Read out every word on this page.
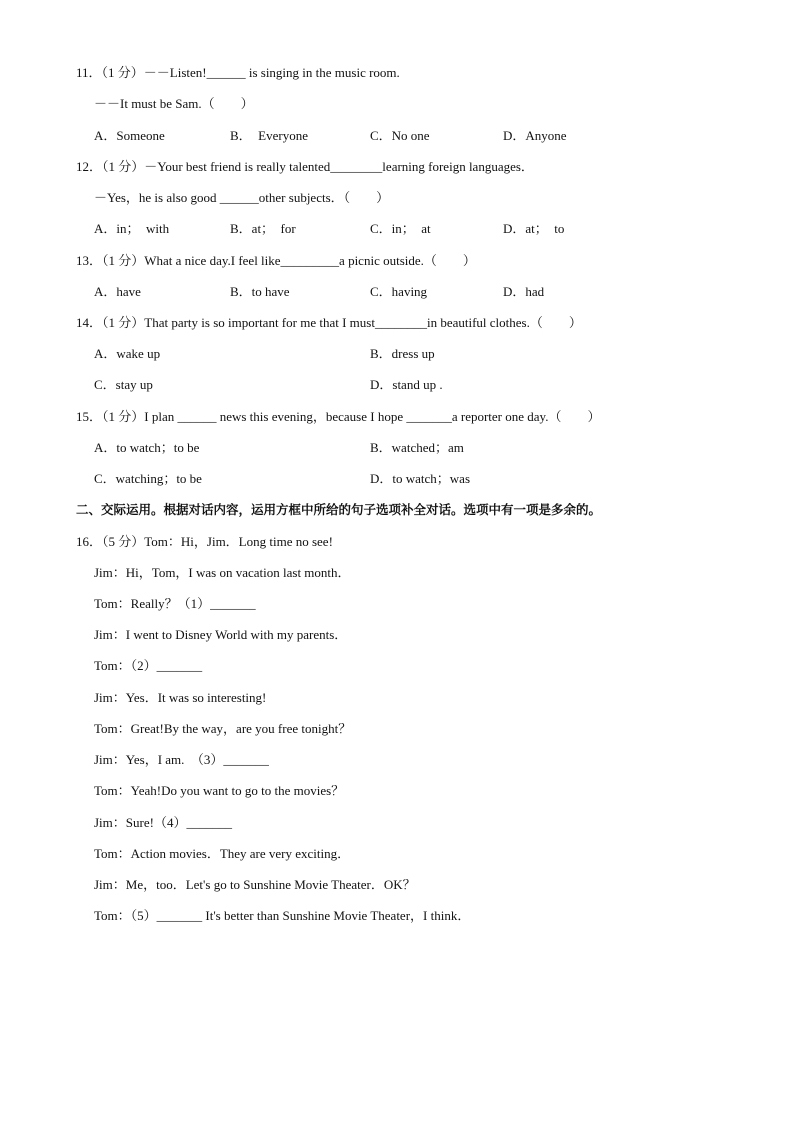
11．（1 分）－－Listen!______ is singing in the music room.
－－It must be Sam.（　　）
A．Someone	B．  Everyone	C．No one	D．Anyone
12．（1 分）－Your best friend is really talented________learning foreign languages．
－Yes，he is also good ______other subjects．（　　）
A．in；  with	B．at；  for	C．in；  at	D．at；  to
13．（1 分）What a nice day.I feel like_________a picnic outside.（　　）
A．have	B．to have	C．having	D．had
14．（1 分）That party is so important for me that I must________in beautiful clothes.（　　）
A．wake up	B．dress up
C．stay up	D．stand up .
15．（1 分）I plan ______ news this evening，because I hope _______a reporter one day.（　　）
A．to watch；to be	B．watched；am
C．watching；to be	D．to watch；was
二、交际运用。根据对话内容，运用方框中所给的句子选项补全对话。选项中有一项是多余的。
16．（5 分）Tom：Hi，Jim．Long time no see!
Jim：Hi，Tom，I was on vacation last month．
Tom：Really？（1）_______
Jim：I went to Disney World with my parents．
Tom：（2）_______
Jim：Yes．It was so interesting!
Tom：Great!By the way，are you free tonight？
Jim：Yes，I am.  （3）_______
Tom：Yeah!Do you want to go to the movies？
Jim：Sure!（4）_______
Tom：Action movies．They are very exciting．
Jim：Me，too．Let's go to Sunshine Movie Theater．OK？
Tom：（5）_______ It's better than Sunshine Movie Theater，I think．
